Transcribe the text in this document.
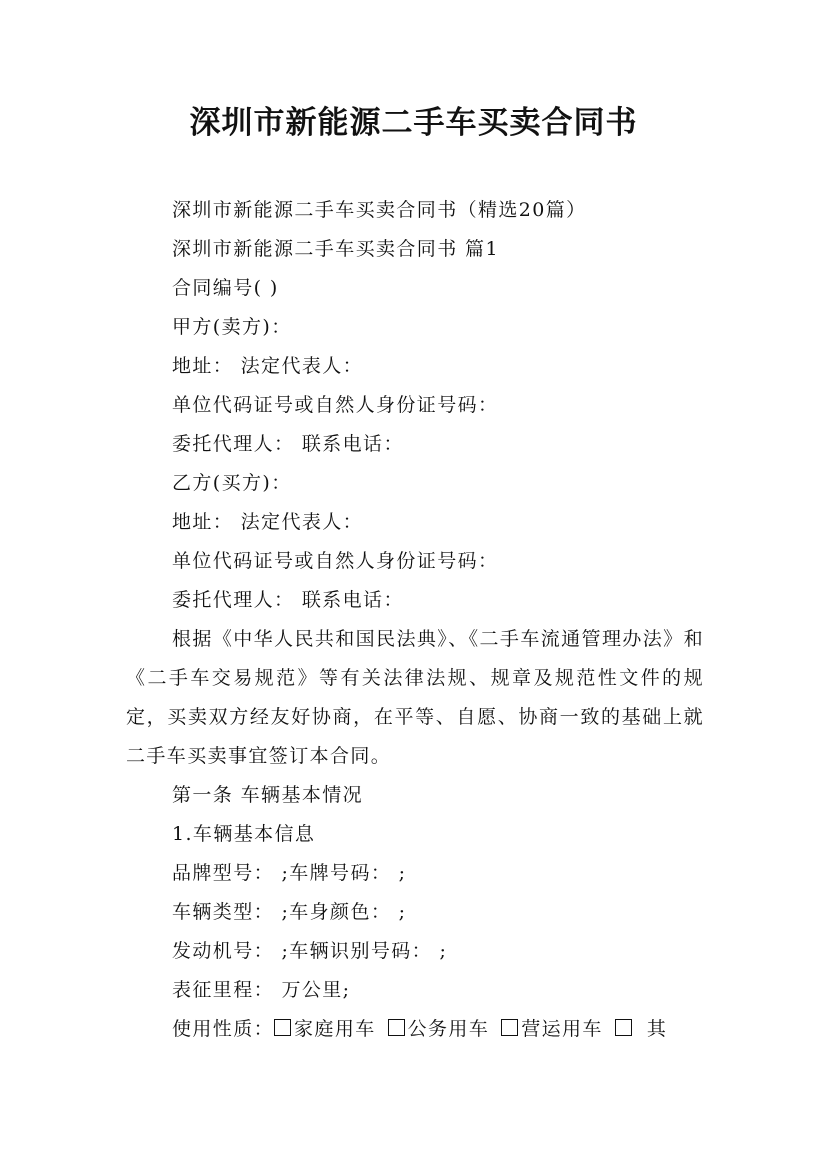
深圳市新能源二手车买卖合同书
深圳市新能源二手车买卖合同书（精选20篇）
深圳市新能源二手车买卖合同书 篇1
合同编号( )
甲方(卖方)：
地址： 法定代表人：
单位代码证号或自然人身份证号码：
委托代理人： 联系电话：
乙方(买方)：
地址： 法定代表人：
单位代码证号或自然人身份证号码：
委托代理人： 联系电话：
根据《中华人民共和国民法典》、《二手车流通管理办法》和《二手车交易规范》等有关法律法规、规章及规范性文件的规定，买卖双方经友好协商，在平等、自愿、协商一致的基础上就二手车买卖事宜签订本合同。
第一条 车辆基本情况
1.车辆基本信息
品牌型号： ;车牌号码： ;
车辆类型： ;车身颜色： ;
发动机号： ;车辆识别号码： ;
表征里程： 万公里;
使用性质： 家庭用车 公务用车 营运用车 其
